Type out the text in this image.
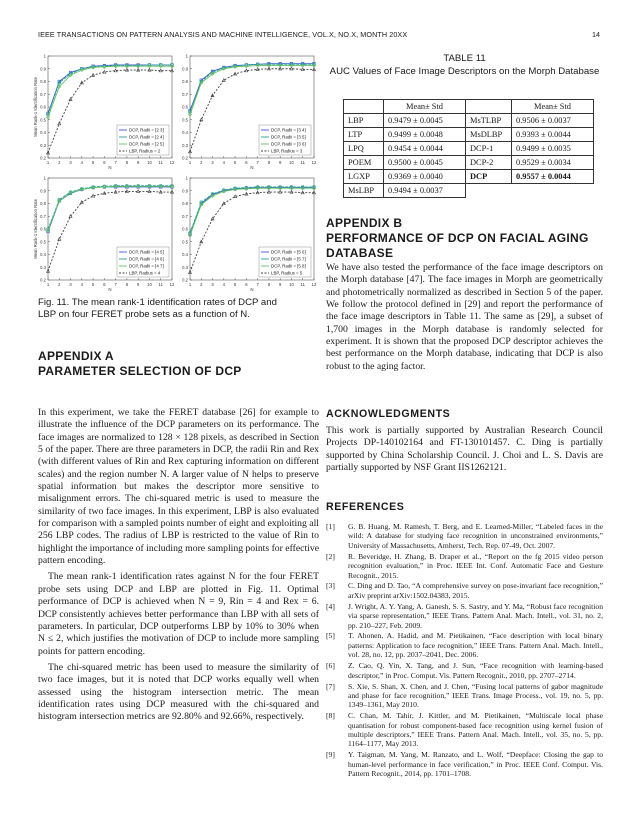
IEEE TRANSACTIONS ON PATTERN ANALYSIS AND MACHINE INTELLIGENCE, VOL.X, NO.X, MONTH 20XX	14
0.2
0.3
0.4
0.5
0.6
0.7
0.8
0.9
1
1 2 3 4 5 6 7 8 9 10 11 12
N
Mean Rank-1 Identification Rate	DCP, Radii = [2 3]
DCP, Radii = [2 4]
DCP, Radii = [2 5]
LBP, Radius = 2
0.2
0.3
0.4
0.5
0.6
0.7
0.8
0.9
1
1 2 3 4 5 6 7 8 9 10 11 12
N
DCP, Radii = [3 4]
DCP, Radii = [3 5]
DCP, Radii = [3 6]
LBP, Radius = 3
0.2
0.3
0.4
0.5
0.6
0.7
0.8
0.9
1
1 2 3 4 5 6 7 8 9 10 11 12
N
Mean Rank-1 Identification Rate	DCP, Radii = [4 5]
DCP, Radii = [4 6]
DCP, Radii = [4 7]
LBP, Radius = 4
0.2
0.3
0.4
0.5
0.6
0.7
0.8
0.9
1
1 2 3 4 5 6 7 8 9 10 11 12
N
DCP, Radii = [5 6]
DCP, Radii = [5 7]
DCP, Radii = [5 8]
LBP, Radius = 5
Fig. 11. The mean rank-1 identification rates of DCP and
LBP on four FERET probe sets as a function of N.
APPENDIX A
PARAMETER SELECTION OF DCP

In this experiment, we take the FERET database [26] for example to illustrate the influence of the DCP parameters on its performance. The face images are normalized to 128 × 128 pixels, as described in Section 5 of the paper. There are three parameters in DCP, the radii Rin and Rex (with different values of Rin and Rex capturing information on different scales) and the region number N. A larger value of N helps to preserve spatial information but makes the descriptor more sensitive to misalignment errors. The chi-squared metric is used to measure the similarity of two face images. In this experiment, LBP is also evaluated for comparison with a sampled points number of eight and exploiting all 256 LBP codes. The radius of LBP is restricted to the value of Rin to highlight the importance of including more sampling points for effective pattern encoding.

The mean rank-1 identification rates against N for the four FERET probe sets using DCP and LBP are plotted in Fig. 11. Optimal performance of DCP is achieved when N = 9, Rin = 4 and Rex = 6. DCP consistently achieves better performance than LBP with all sets of parameters. In particular, DCP outperforms LBP by 10% to 30% when N ≤ 2, which justifies the motivation of DCP to include more sampling points for pattern encoding.

The chi-squared metric has been used to measure the similarity of two face images, but it is noted that DCP works equally well when assessed using the histogram intersection metric. The mean identification rates using DCP measured with the chi-squared and histogram intersection metrics are 92.80% and 92.66%, respectively.

TABLE 11
AUC Values of Face Image Descriptors on the Morph Database
	Mean± Std		Mean± Std
LBP	0.9479 ± 0.0045	MsTLBP	0.9506 ± 0.0037
LTP	0.9499 ± 0.0048	MsDLBP	0.9393 ± 0.0044
LPQ	0.9454 ± 0.0044	DCP-1	0.9499 ± 0.0035
POEM	0.9500 ± 0.0045	DCP-2	0.9529 ± 0.0034
LGXP	0.9369 ± 0.0040	DCP	0.9557 ± 0.0044
MsLBP	0.9494 ± 0.0037		
APPENDIX B
PERFORMANCE OF DCP ON FACIAL AGING
DATABASE

We have also tested the performance of the face image descriptors on the Morph database [47]. The face images in Morph are geometrically and photometrically normalized as described in Section 5 of the paper. We follow the protocol defined in [29] and report the performance of the face image descriptors in Table 11. The same as [29], a subset of 1,700 images in the Morph database is randomly selected for experiment. It is shown that the proposed DCP descriptor achieves the best performance on the Morph database, indicating that DCP is also robust to the aging factor.

ACKNOWLEDGMENTS

This work is partially supported by Australian Research Council Projects DP-140102164 and FT-130101457. C. Ding is partially supported by China Scholarship Council. J. Choi and L. S. Davis are partially supported by NSF Grant IIS1262121.

REFERENCES
[1] G. B. Huang, M. Ramesh, T. Berg, and E. Learned-Miller, “Labeled faces in the wild: A database for studying face recognition in unconstrained environments,” University of Massachusetts, Amherst, Tech. Rep. 07-49, Oct. 2007.
[2] R. Beveridge, H. Zhang, B. Draper et al., “Report on the fg 2015 video person recognition evaluation,” in Proc. IEEE Int. Conf. Automatic Face and Gesture Recognit., 2015.
[3] C. Ding and D. Tao, “A comprehensive survey on pose-invariant face recognition,” arXiv preprint arXiv:1502.04383, 2015.
[4] J. Wright, A. Y. Yang, A. Ganesh, S. S. Sastry, and Y. Ma, “Robust face recognition via sparse representation,” IEEE Trans. Pattern Anal. Mach. Intell., vol. 31, no. 2, pp. 210–227, Feb. 2009.
[5] T. Ahonen, A. Hadid, and M. Pietikainen, “Face description with local binary patterns: Application to face recognition,” IEEE Trans. Pattern Anal. Mach. Intell., vol. 28, no. 12, pp. 2037–2041, Dec. 2006.
[6] Z. Cao, Q. Yin, X. Tang, and J. Sun, “Face recognition with learning-based descriptor,” in Proc. Comput. Vis. Pattern Recognit., 2010, pp. 2707–2714.
[7] S. Xie, S. Shan, X. Chen, and J. Chen, “Fusing local patterns of gabor magnitude and phase for face recognition,” IEEE Trans. Image Process., vol. 19, no. 5, pp. 1349–1361, May 2010.
[8] C. Chan, M. Tahir, J. Kittler, and M. Pietikainen, “Multiscale local phase quantisation for robust component-based face recognition using kernel fusion of multiple descriptors,” IEEE Trans. Pattern Anal. Mach. Intell., vol. 35, no. 5, pp. 1164–1177, May 2013.
[9] Y. Taigman, M. Yang, M. Ranzato, and L. Wolf, “Deepface: Closing the gap to human-level performance in face verification,” in Proc. IEEE Conf. Comput. Vis. Pattern Recognit., 2014, pp. 1701–1708.
